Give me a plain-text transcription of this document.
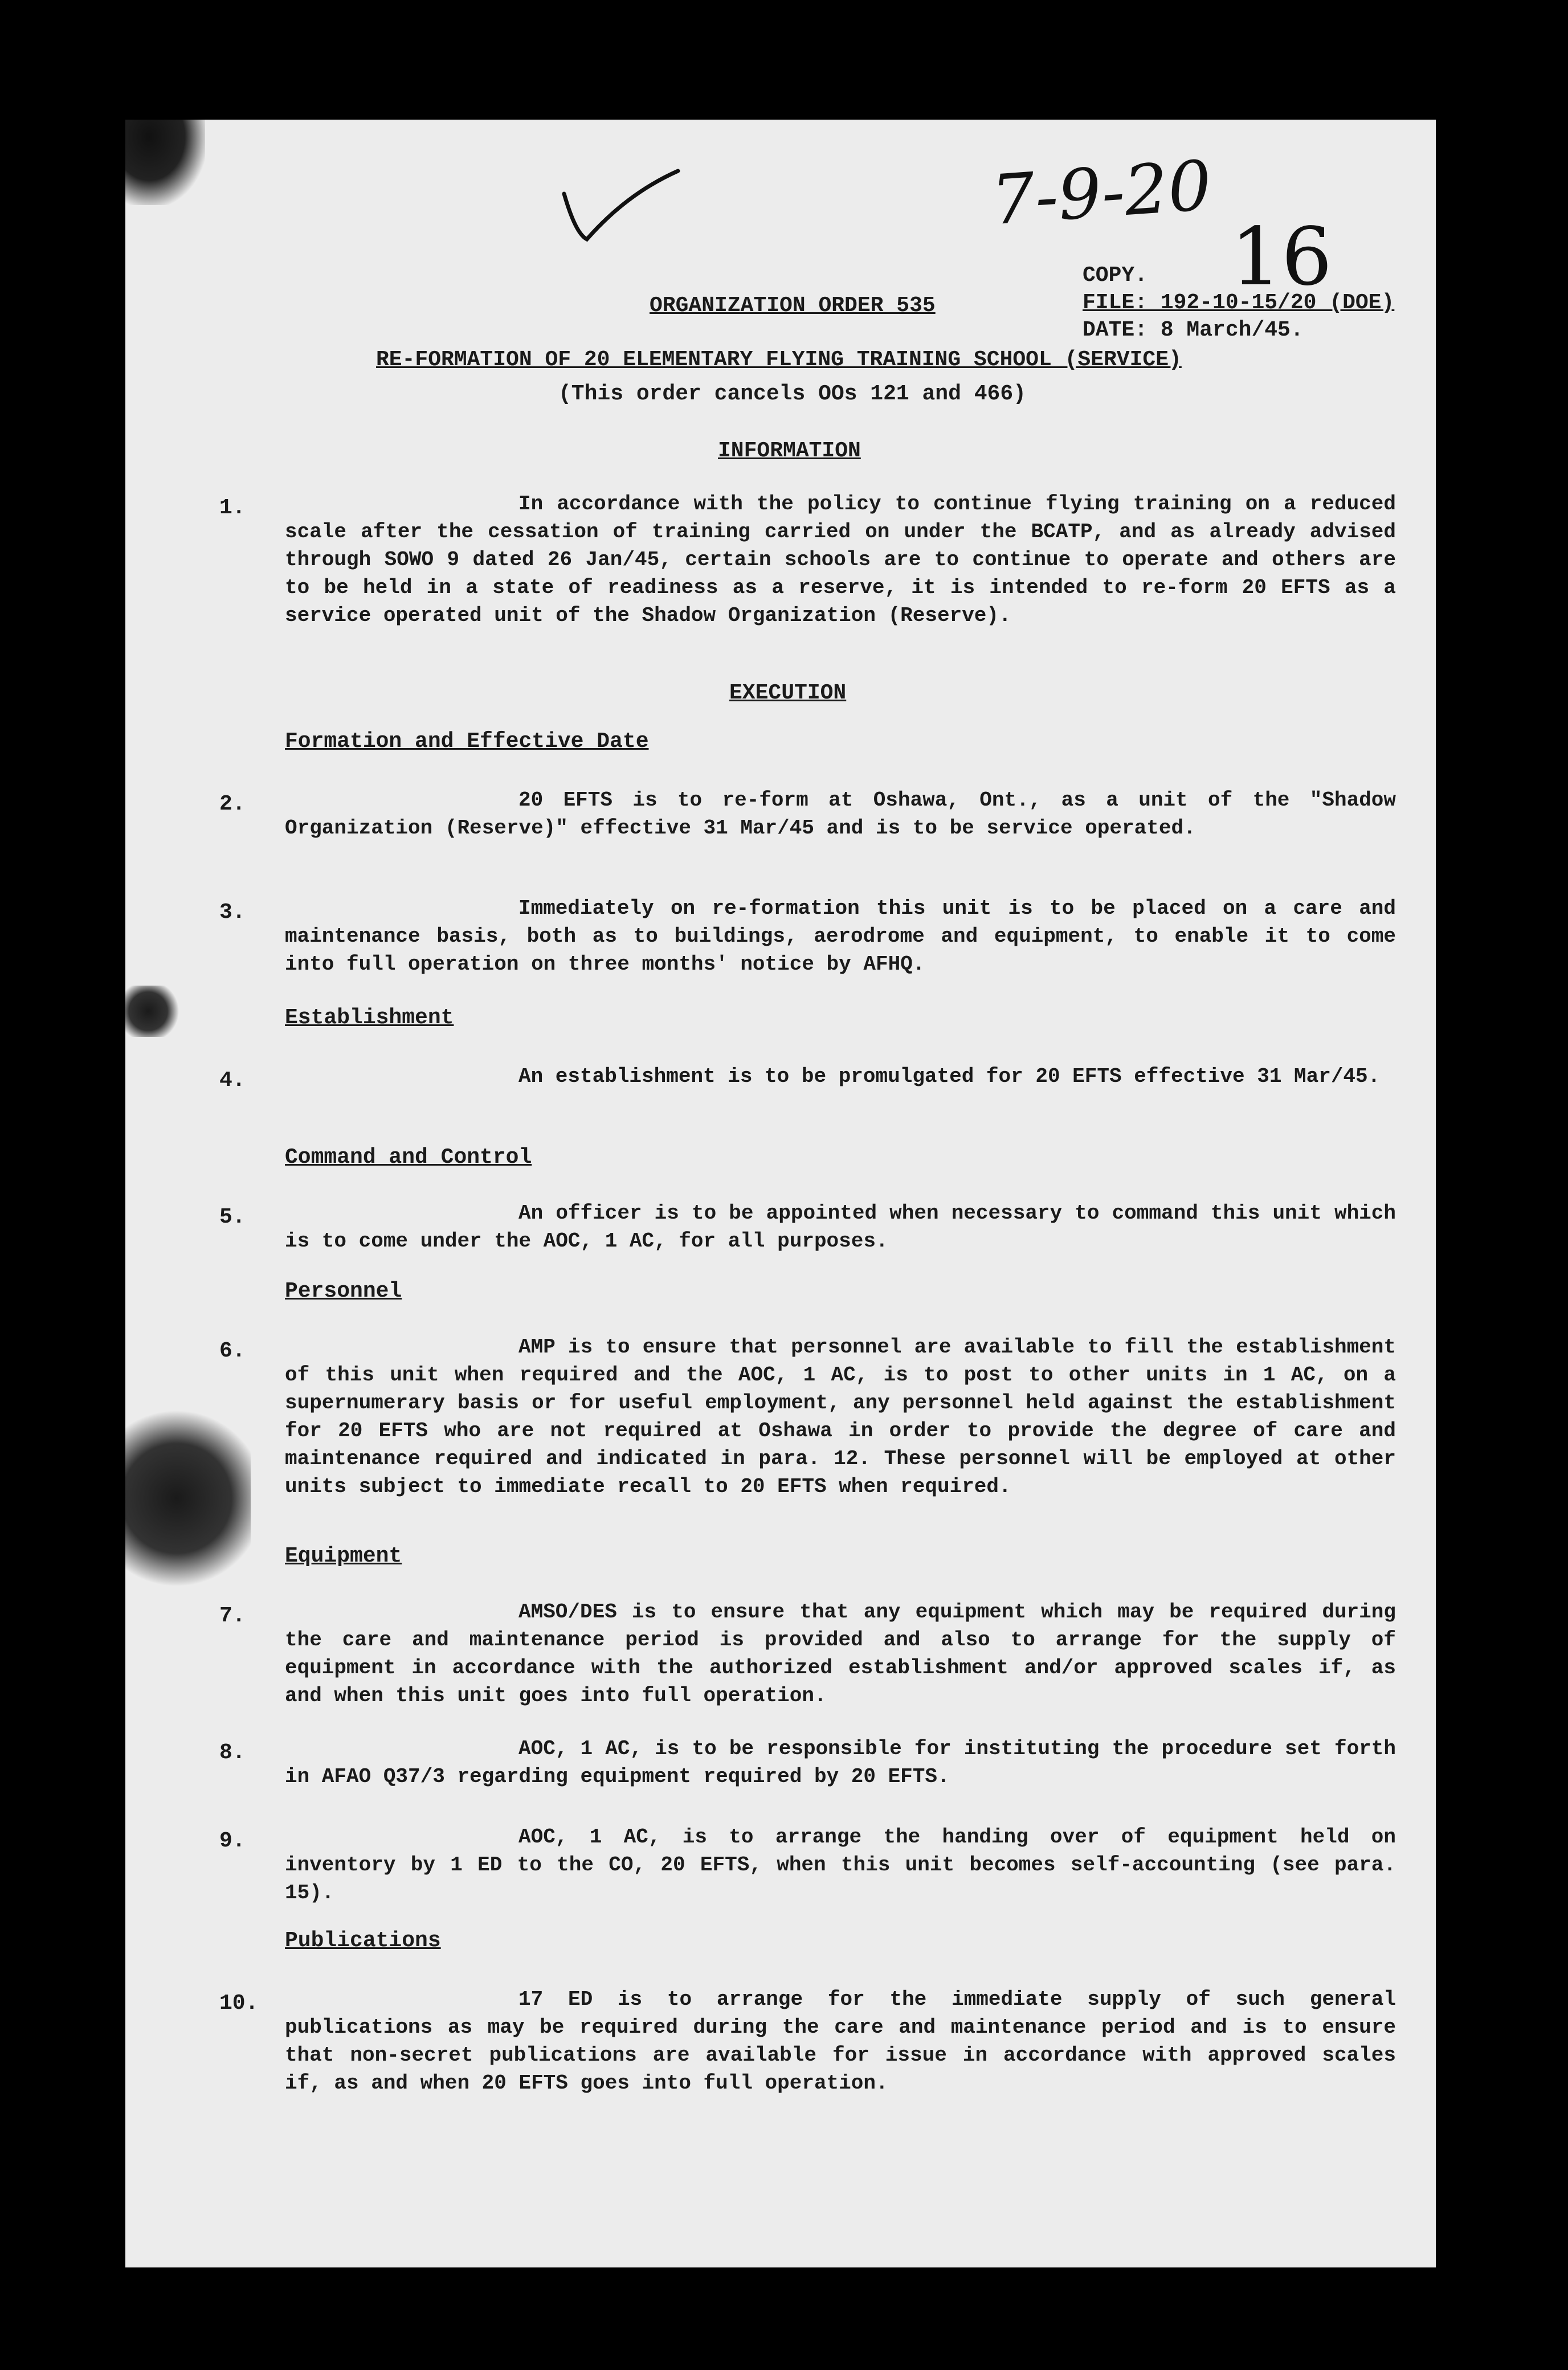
7-9-20
16
ORGANIZATION ORDER 535
COPY.
FILE: 192-10-15/20 (DOE)
DATE: 8 March/45.
RE-FORMATION OF 20 ELEMENTARY FLYING TRAINING SCHOOL (SERVICE)
(This order cancels OOs 121 and 466)
INFORMATION
1.	In accordance with the policy to continue flying training on a reduced scale after the cessation of training carried on under the BCATP, and as already advised through SOWO 9 dated 26 Jan/45, certain schools are to continue to operate and others are to be held in a state of readiness as a reserve, it is intended to re-form 20 EFTS as a service operated unit of the Shadow Organization (Reserve).
EXECUTION
Formation and Effective Date
2.	20 EFTS is to re-form at Oshawa, Ont., as a unit of the "Shadow Organization (Reserve)" effective 31 Mar/45 and is to be service operated.
3.	Immediately on re-formation this unit is to be placed on a care and maintenance basis, both as to buildings, aerodrome and equipment, to enable it to come into full operation on three months' notice by AFHQ.
Establishment
4.	An establishment is to be promulgated for 20 EFTS effective 31 Mar/45.
Command and Control
5.	An officer is to be appointed when necessary to command this unit which is to come under the AOC, 1 AC, for all purposes.
Personnel
6.	AMP is to ensure that personnel are available to fill the establishment of this unit when required and the AOC, 1 AC, is to post to other units in 1 AC, on a supernumerary basis or for useful employment, any personnel held against the establishment for 20 EFTS who are not required at Oshawa in order to provide the degree of care and maintenance required and indicated in para. 12. These personnel will be employed at other units subject to immediate recall to 20 EFTS when required.
Equipment
7.	AMSO/DES is to ensure that any equipment which may be required during the care and maintenance period is provided and also to arrange for the supply of equipment in accordance with the authorized establishment and/or approved scales if, as and when this unit goes into full operation.
8.	AOC, 1 AC, is to be responsible for instituting the procedure set forth in AFAO Q37/3 regarding equipment required by 20 EFTS.
9.	AOC, 1 AC, is to arrange the handing over of equipment held on inventory by 1 ED to the CO, 20 EFTS, when this unit becomes self-accounting (see para. 15).
Publications
10.	17 ED is to arrange for the immediate supply of such general publications as may be required during the care and maintenance period and is to ensure that non-secret publications are available for issue in accordance with approved scales if, as and when 20 EFTS goes into full operation.
